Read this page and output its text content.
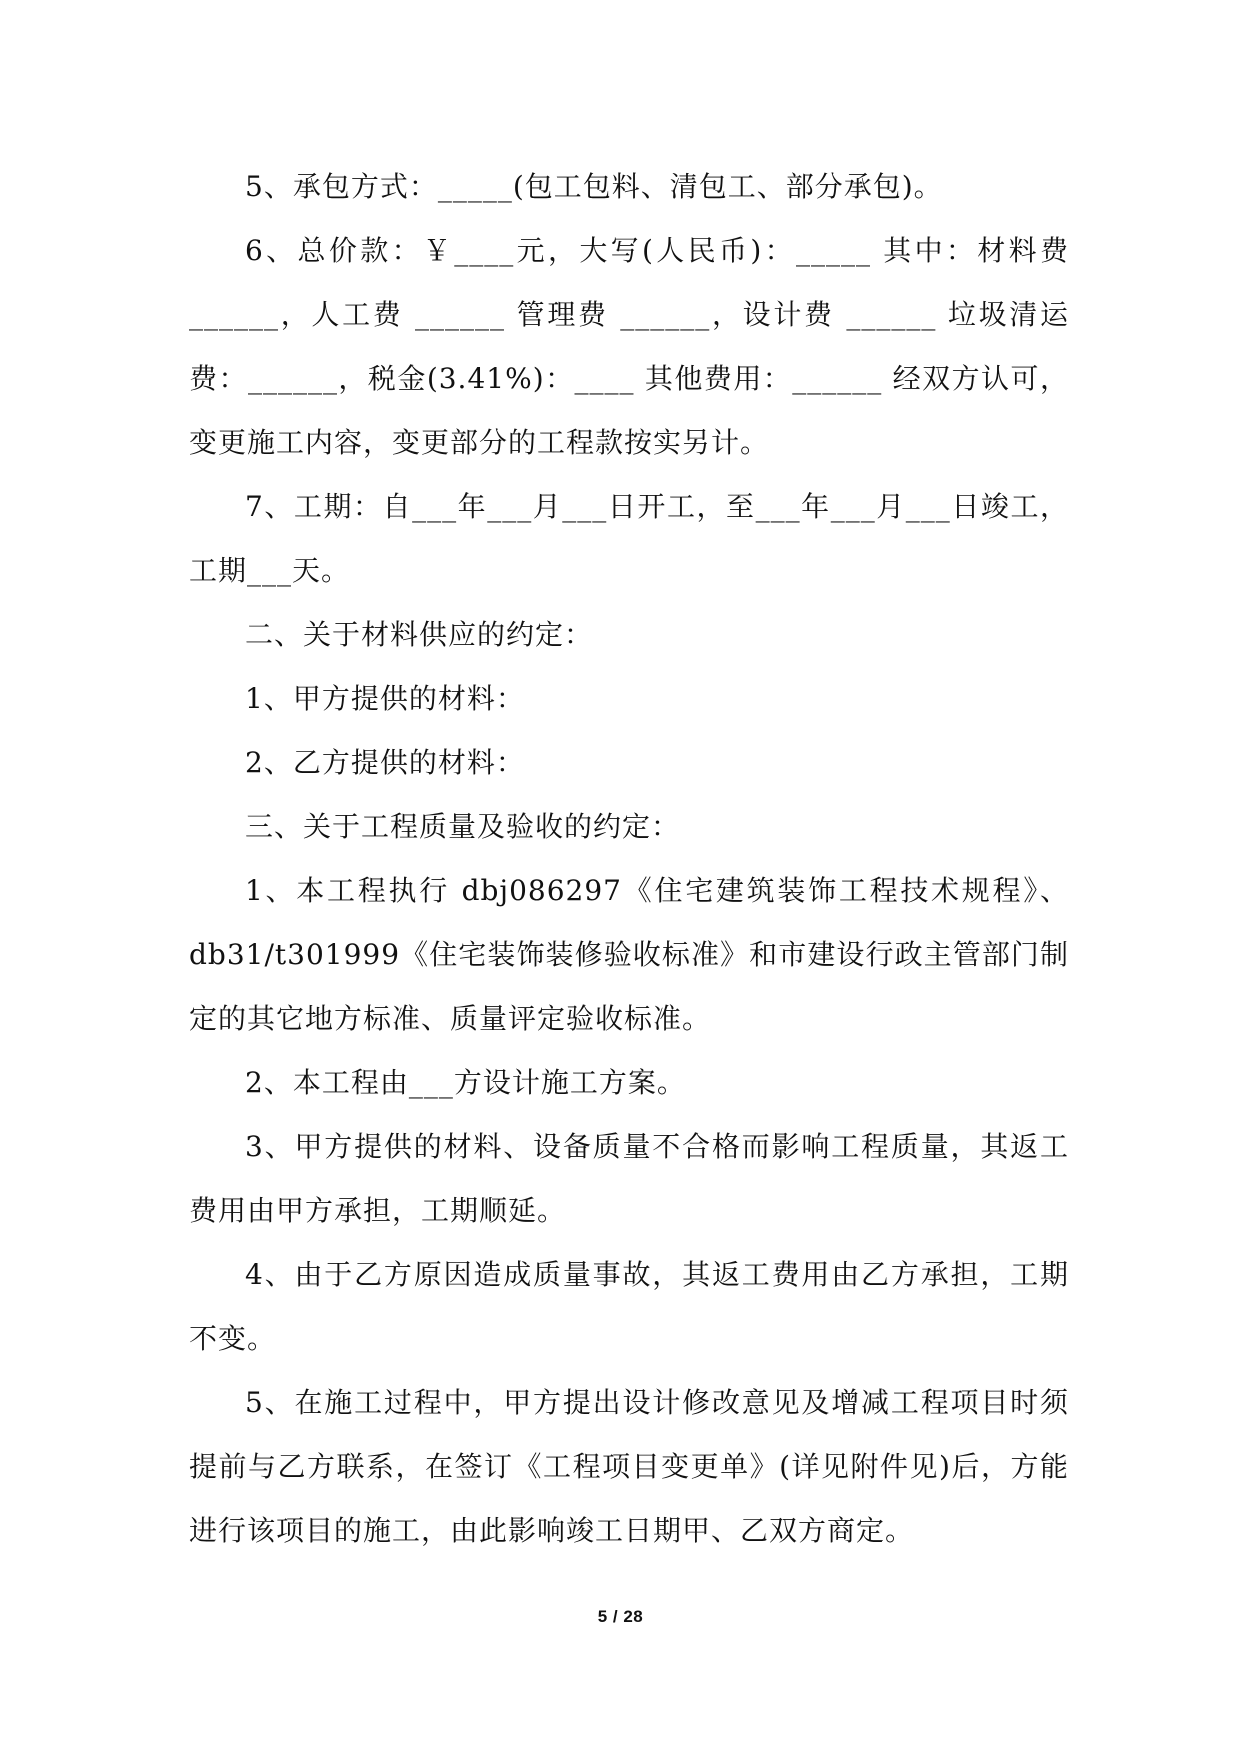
5、承包方式：_____(包工包料、清包工、部分承包)。

6、总价款：￥____元，大写(人民币)：_____ 其中：材料费 ______，人工费 ______ 管理费 ______，设计费 ______ 垃圾清运费：______，税金(3.41%)：____ 其他费用：______ 经双方认可，变更施工内容，变更部分的工程款按实另计。

7、工期：自___年___月___日开工，至___年___月___日竣工，工期___天。

二、关于材料供应的约定：

1、甲方提供的材料：

2、乙方提供的材料：

三、关于工程质量及验收的约定：

1、本工程执行 dbj086297《住宅建筑装饰工程技术规程》、db31/t301999《住宅装饰装修验收标准》和市建设行政主管部门制定的其它地方标准、质量评定验收标准。

2、本工程由___方设计施工方案。

3、甲方提供的材料、设备质量不合格而影响工程质量，其返工费用由甲方承担，工期顺延。

4、由于乙方原因造成质量事故，其返工费用由乙方承担，工期不变。

5、在施工过程中，甲方提出设计修改意见及增减工程项目时须提前与乙方联系，在签订《工程项目变更单》(详见附件见)后，方能进行该项目的施工，由此影响竣工日期甲、乙双方商定。

5 / 28
